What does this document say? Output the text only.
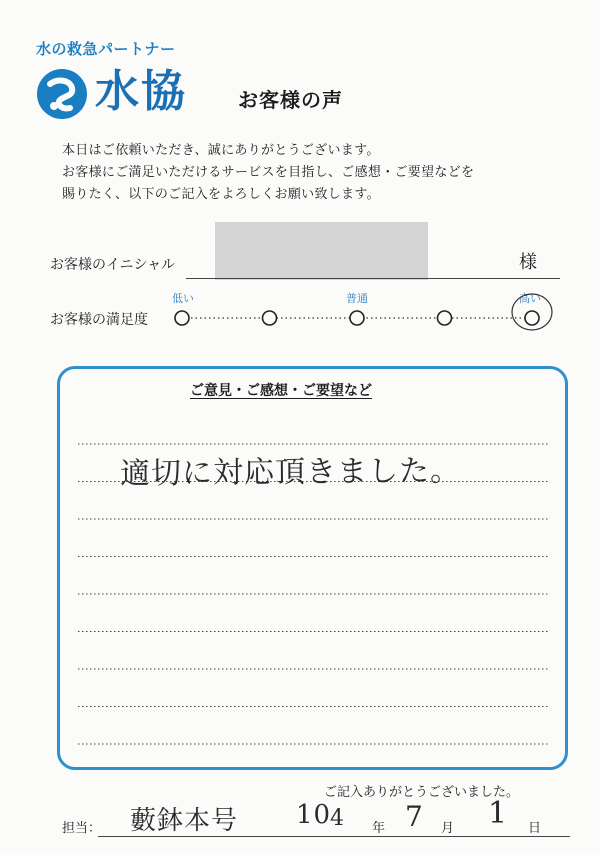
水の救急パートナー
水協	お客様の声
本日はご依頼いただき、誠にありがとうございます。
お客様にご満足いただけるサービスを目指し、ご感想・ご要望などを
賜りたく、以下のご記入をよろしくお願い致します。
お客様のイニシャル	様
お客様の満足度
低い	普通	高い
ご意見・ご感想・ご要望など
適切に対応頂きました。
ご記入ありがとうございました。
担当： 藪鉢本号 10
4 年 7 月 1 日
